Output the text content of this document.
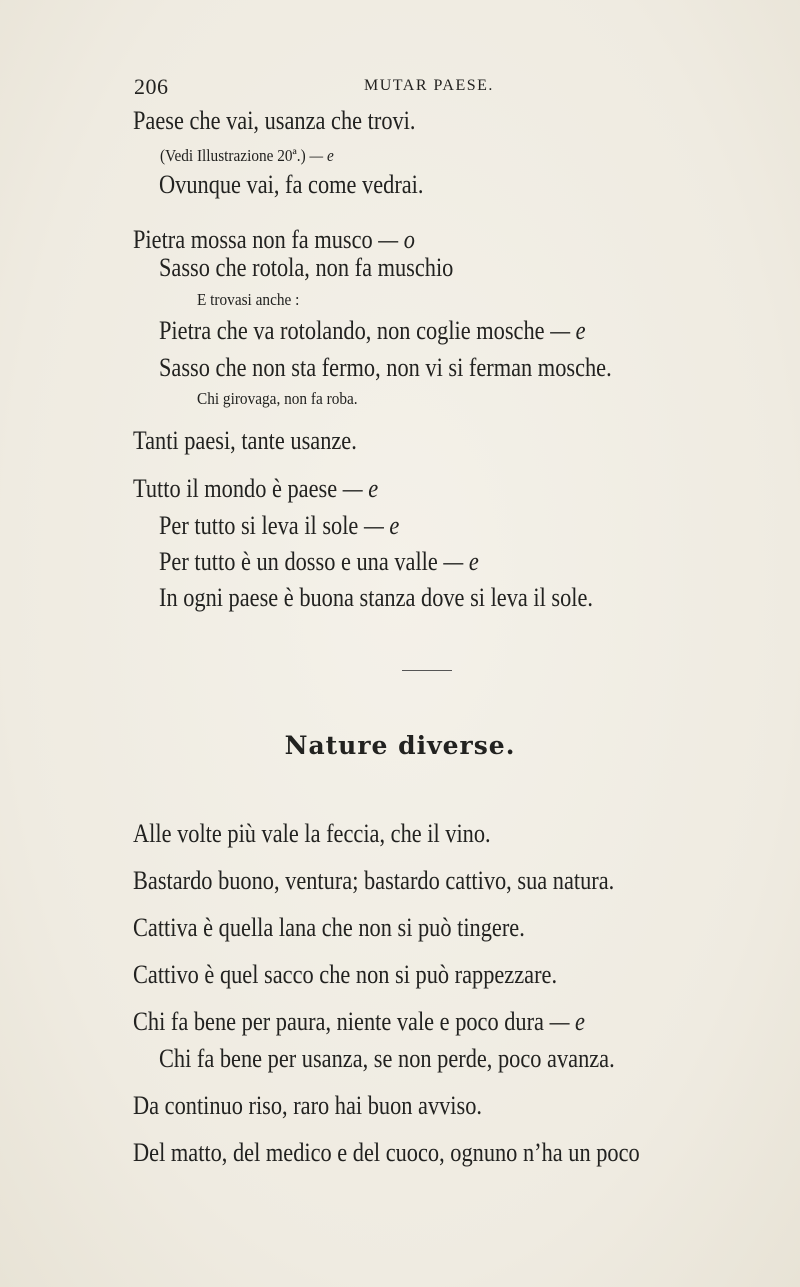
206	MUTAR PAESE.
Paese che vai, usanza che trovi.
(Vedi Illustrazione 20ª.) — e
Ovunque vai, fa come vedrai.
Pietra mossa non fa musco — o
Sasso che rotola, non fa muschio
E trovasi anche :
Pietra che va rotolando, non coglie mosche — e
Sasso che non sta fermo, non vi si ferman mosche.
Chi girovaga, non fa roba.
Tanti paesi, tante usanze.
Tutto il mondo è paese — e
Per tutto si leva il sole — e
Per tutto è un dosso e una valle — e
In ogni paese è buona stanza dove si leva il sole.
Nature diverse.
Alle volte più vale la feccia, che il vino.
Bastardo buono, ventura; bastardo cattivo, sua natura.
Cattiva è quella lana che non si può tingere.
Cattivo è quel sacco che non si può rappezzare.
Chi fa bene per paura, niente vale e poco dura — e
Chi fa bene per usanza, se non perde, poco avanza.
Da continuo riso, raro hai buon avviso.
Del matto, del medico e del cuoco, ognuno n’ha un poco
